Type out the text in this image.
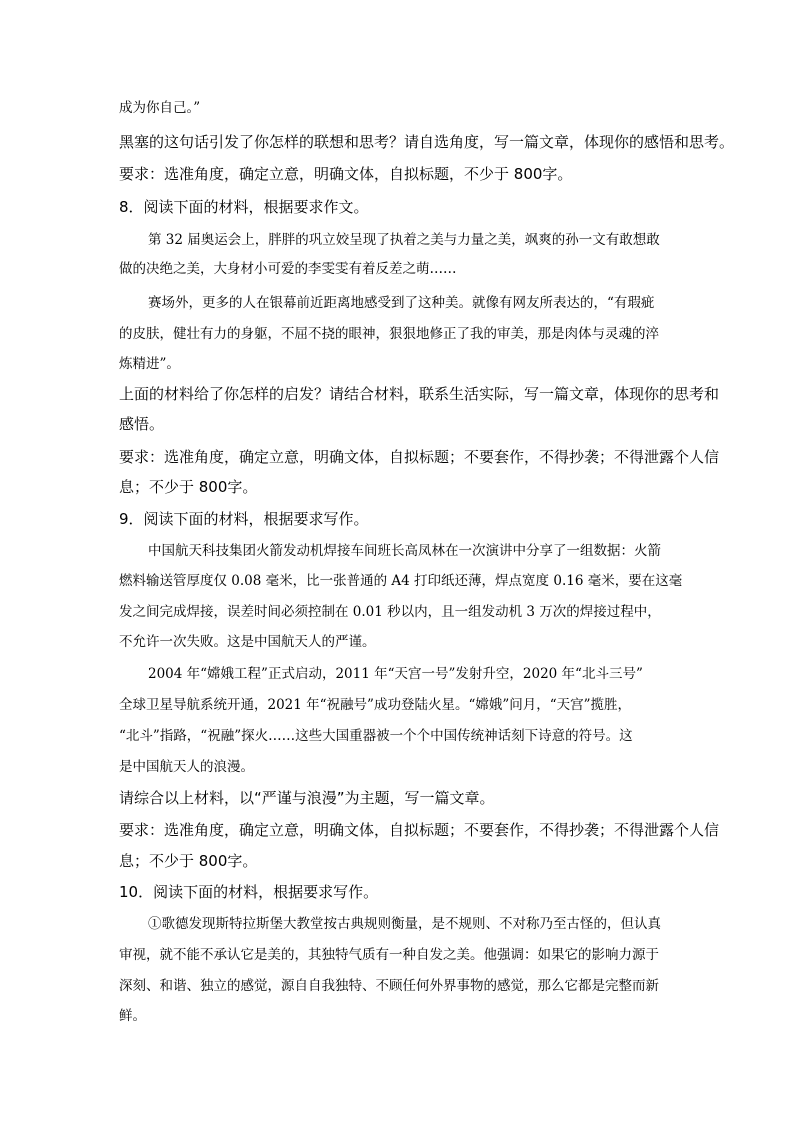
成为你自己。”
黑塞的这句话引发了你怎样的联想和思考？请自选角度，写一篇文章，体现你的感悟和思考。
要求：选准角度，确定立意，明确文体，自拟标题，不少于 800字。
8．阅读下面的材料，根据要求作文。
第 32 届奥运会上，胖胖的巩立姣呈现了执着之美与力量之美，飒爽的孙一文有敢想敢
做的决绝之美，大身材小可爱的李雯雯有着反差之萌……
赛场外，更多的人在银幕前近距离地感受到了这种美。就像有网友所表达的，“有瑕疵
的皮肤，健壮有力的身躯，不屈不挠的眼神，狠狠地修正了我的审美，那是肉体与灵魂的淬
炼精进”。
上面的材料给了你怎样的启发？请结合材料，联系生活实际，写一篇文章，体现你的思考和
感悟。
要求：选准角度，确定立意，明确文体，自拟标题；不要套作，不得抄袭；不得泄露个人信
息；不少于 800字。
9．阅读下面的材料，根据要求写作。
中国航天科技集团火箭发动机焊接车间班长高凤林在一次演讲中分享了一组数据：火箭
燃料输送管厚度仅 0.08 毫米，比一张普通的 A4 打印纸还薄，焊点宽度 0.16 毫米，要在这毫
发之间完成焊接，误差时间必须控制在 0.01 秒以内，且一组发动机 3 万次的焊接过程中，
不允许一次失败。这是中国航天人的严谨。
2004 年“嫦娥工程”正式启动，2011 年“天宫一号”发射升空，2020 年“北斗三号”
全球卫星导航系统开通，2021 年“祝融号”成功登陆火星。“嫦娥”问月，“天宫”揽胜，
“北斗”指路，“祝融”探火……这些大国重器被一个个中国传统神话刻下诗意的符号。这
是中国航天人的浪漫。
请综合以上材料，以“严谨与浪漫”为主题，写一篇文章。
要求：选准角度，确定立意，明确文体，自拟标题；不要套作，不得抄袭；不得泄露个人信
息；不少于 800字。
10．阅读下面的材料，根据要求写作。
①歌德发现斯特拉斯堡大教堂按古典规则衡量，是不规则、不对称乃至古怪的，但认真
审视，就不能不承认它是美的，其独特气质有一种自发之美。他强调：如果它的影响力源于
深刻、和谐、独立的感觉，源自自我独特、不顾任何外界事物的感觉，那么它都是完整而新
鲜。
